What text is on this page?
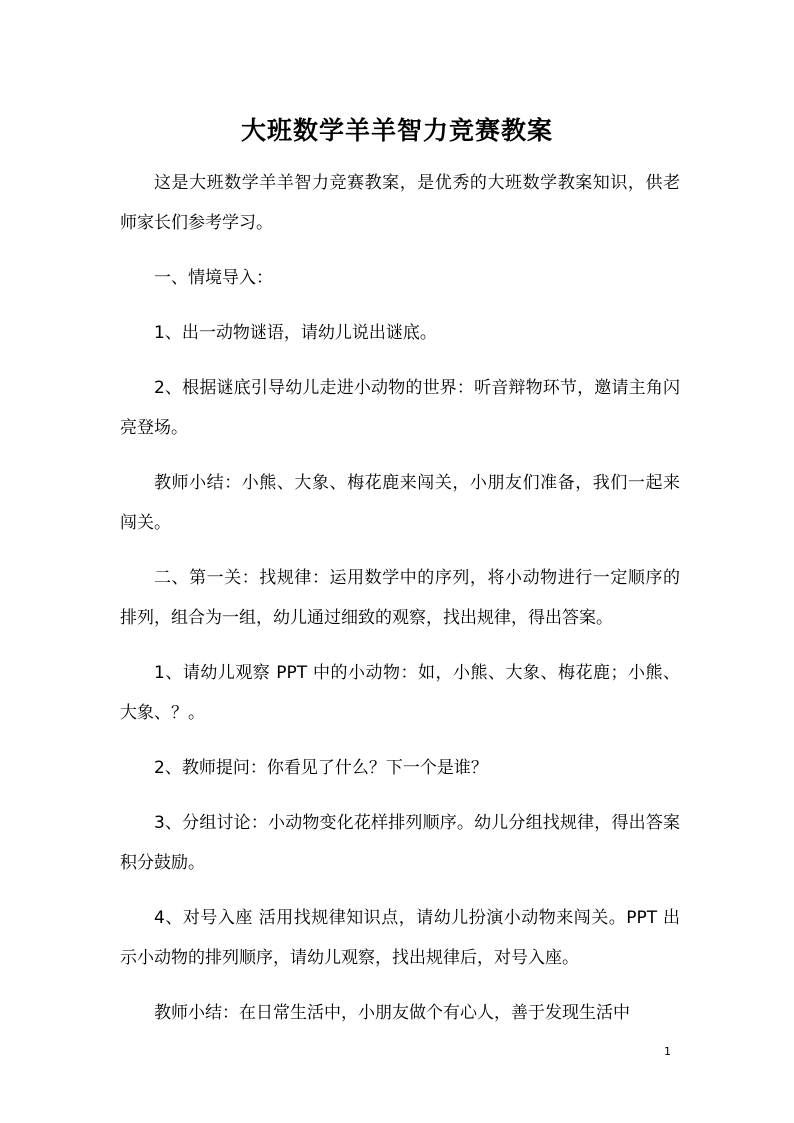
大班数学羊羊智力竞赛教案

这是大班数学羊羊智力竞赛教案，是优秀的大班数学教案知识，供老师家长们参考学习。

一、情境导入：

1、出一动物谜语，请幼儿说出谜底。

2、根据谜底引导幼儿走进小动物的世界：听音辩物环节，邀请主角闪亮登场。

教师小结：小熊、大象、梅花鹿来闯关，小朋友们准备，我们一起来闯关。

二、第一关：找规律：运用数学中的序列，将小动物进行一定顺序的排列，组合为一组，幼儿通过细致的观察，找出规律，得出答案。

1、请幼儿观察 PPT 中的小动物：如，小熊、大象、梅花鹿；小熊、大象、？。

2、教师提问：你看见了什么？下一个是谁？

3、分组讨论：小动物变化花样排列顺序。幼儿分组找规律，得出答案积分鼓励。

4、对号入座 活用找规律知识点，请幼儿扮演小动物来闯关。PPT 出示小动物的排列顺序，请幼儿观察，找出规律后，对号入座。

教师小结：在日常生活中，小朋友做个有心人，善于发现生活中

1
